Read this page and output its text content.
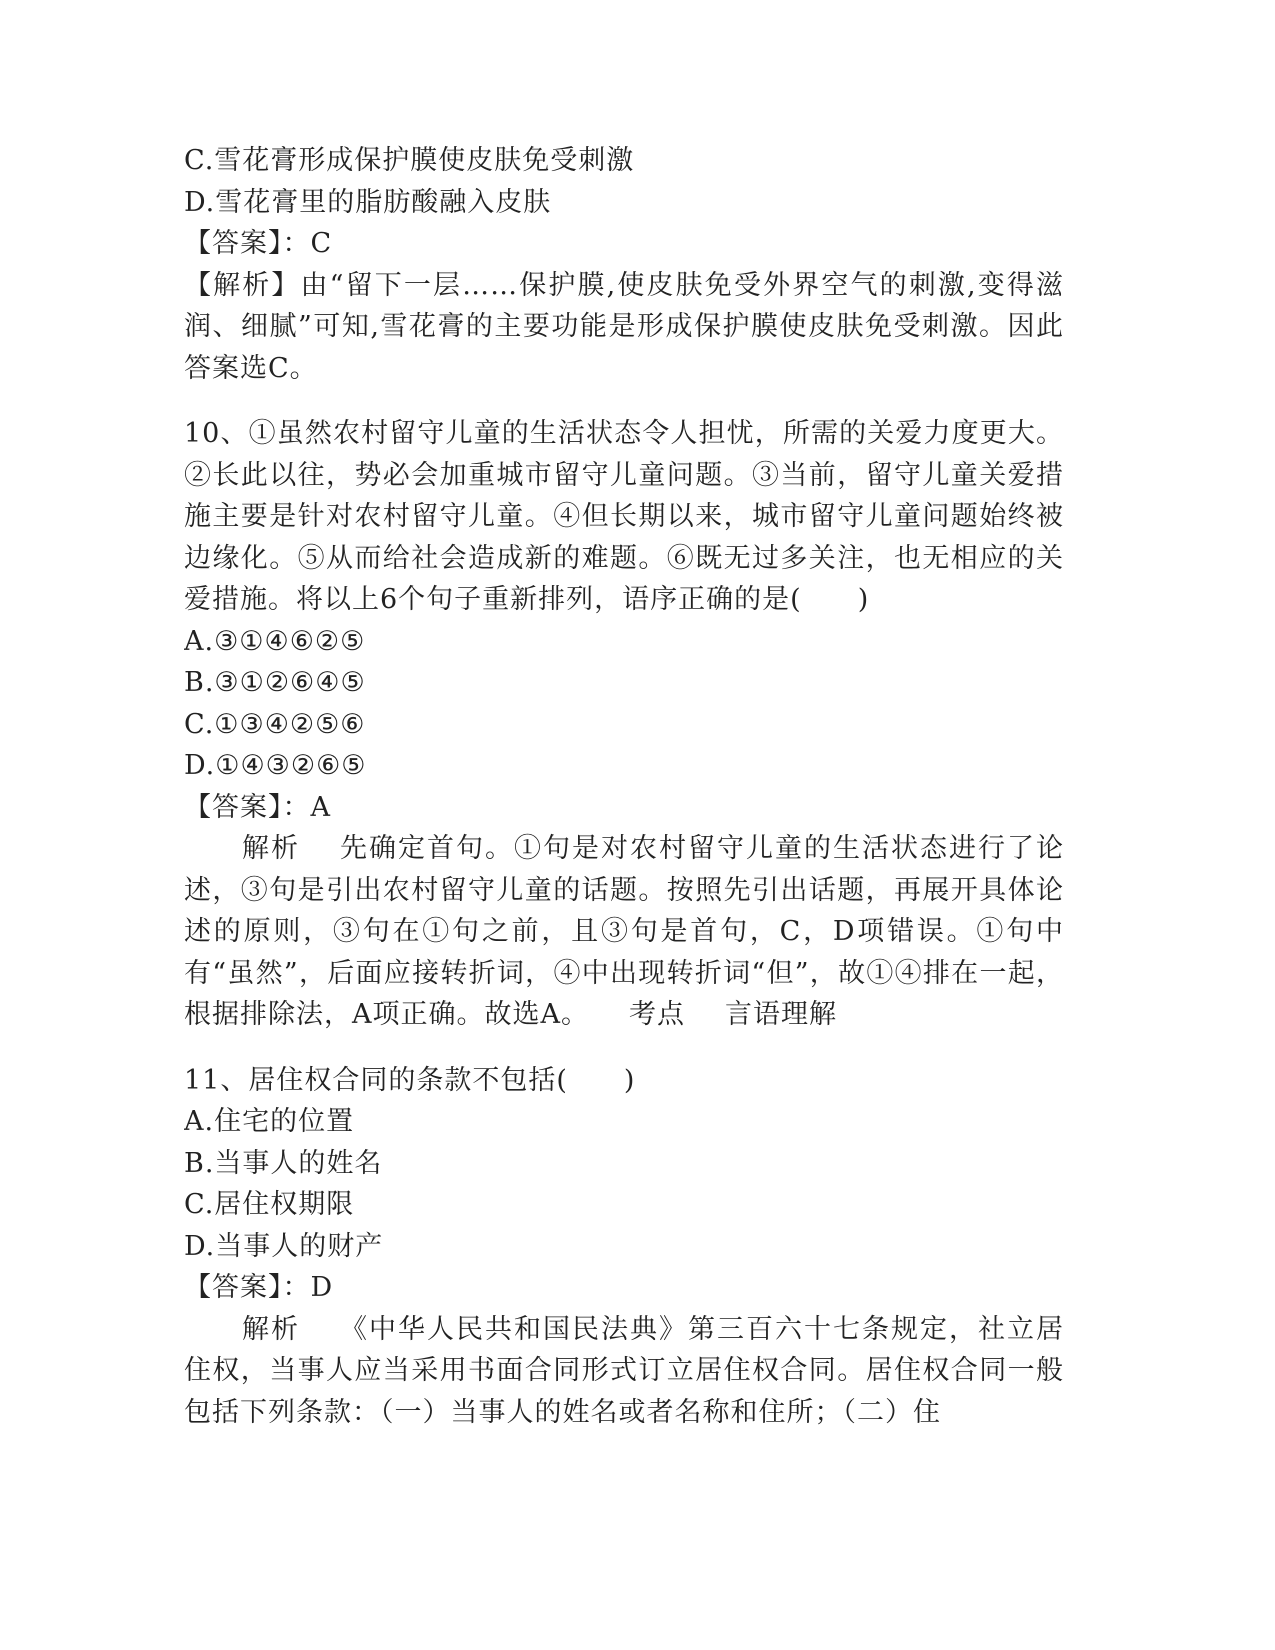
C.雪花膏形成保护膜使皮肤免受刺激
D.雪花膏里的脂肪酸融入皮肤
【答案】：C
【解析】由“留下一层……保护膜,使皮肤免受外界空气的刺激,变得滋润、细腻”可知,雪花膏的主要功能是形成保护膜使皮肤免受刺激。因此答案选C。
10、①虽然农村留守儿童的生活状态令人担忧，所需的关爱力度更大。②长此以往，势必会加重城市留守儿童问题。③当前，留守儿童关爱措施主要是针对农村留守儿童。④但长期以来，城市留守儿童问题始终被边缘化。⑤从而给社会造成新的难题。⑥既无过多关注，也无相应的关爱措施。将以上6个句子重新排列，语序正确的是(　　)
A.③①④⑥②⑤
B.③①②⑥④⑤
C.①③④②⑤⑥
D.①④③②⑥⑤
【答案】：A
解析 先确定首句。①句是对农村留守儿童的生活状态进行了论述，③句是引出农村留守儿童的话题。按照先引出话题，再展开具体论述的原则，③句在①句之前，且③句是首句，C，D项错误。①句中有“虽然”，后面应接转折词，④中出现转折词“但”，故①④排在一起，根据排除法，A项正确。故选A。 考点 言语理解
11、居住权合同的条款不包括(　　)
A.住宅的位置
B.当事人的姓名
C.居住权期限
D.当事人的财产
【答案】：D
解析 《中华人民共和国民法典》第三百六十七条规定，社立居住权，当事人应当采用书面合同形式订立居住权合同。居住权合同一般包括下列条款：（一）当事人的姓名或者名称和住所；（二）住
